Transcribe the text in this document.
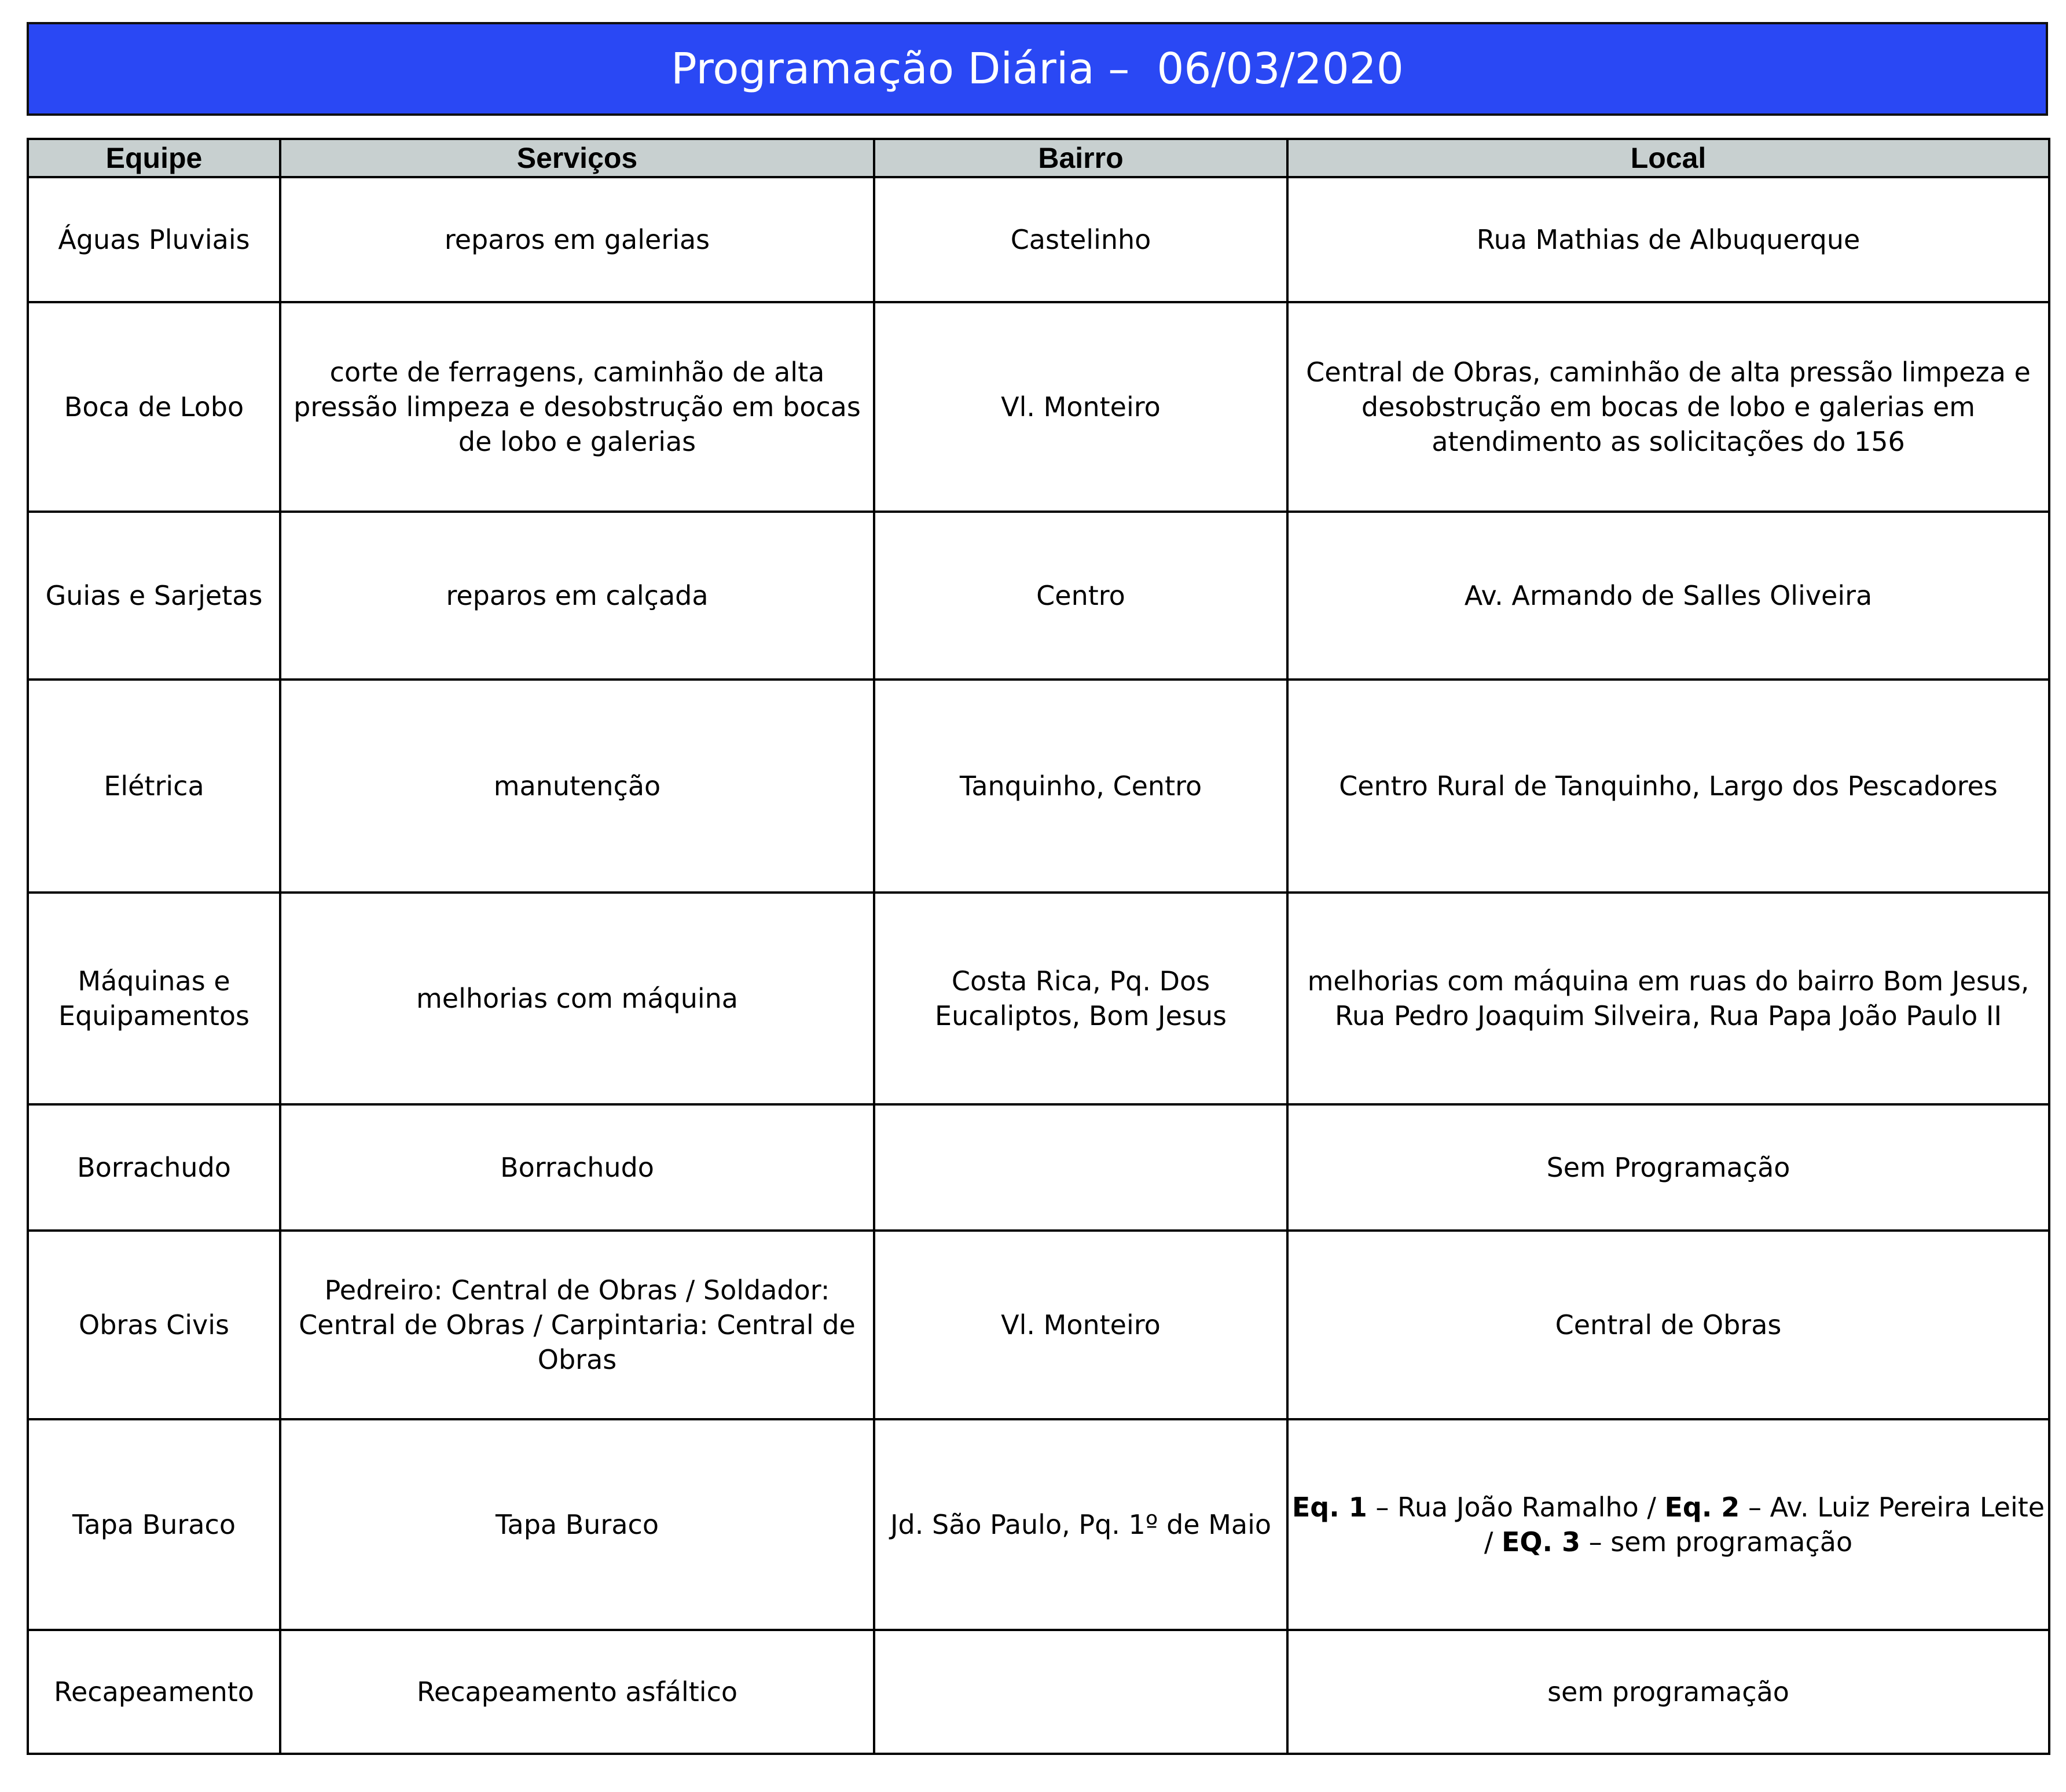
Programação Diária –  06/03/2020
Equipe	Serviços	Bairro	Local
Águas Pluviais	reparos em galerias	Castelinho	Rua Mathias de Albuquerque
Boca de Lobo	corte de ferragens, caminhão de alta pressão limpeza e desobstrução em bocas de lobo e galerias	Vl. Monteiro	Central de Obras, caminhão de alta pressão limpeza e desobstrução em bocas de lobo e galerias em atendimento as solicitações do 156
Guias e Sarjetas	reparos em calçada	Centro	Av. Armando de Salles Oliveira
Elétrica	manutenção	Tanquinho, Centro	Centro Rural de Tanquinho, Largo dos Pescadores
Máquinas e Equipamentos	melhorias com máquina	Costa Rica, Pq. Dos Eucaliptos, Bom Jesus	melhorias com máquina em ruas do bairro Bom Jesus, Rua Pedro Joaquim Silveira, Rua Papa João Paulo II
Borrachudo	Borrachudo		Sem Programação
Obras Civis	Pedreiro: Central de Obras / Soldador: Central de Obras / Carpintaria: Central de Obras	Vl. Monteiro	Central de Obras
Tapa Buraco	Tapa Buraco	Jd. São Paulo, Pq. 1º de Maio	Eq. 1 – Rua João Ramalho / Eq. 2 – Av. Luiz Pereira Leite / EQ. 3 – sem programação
Recapeamento	Recapeamento asfáltico		sem programação
